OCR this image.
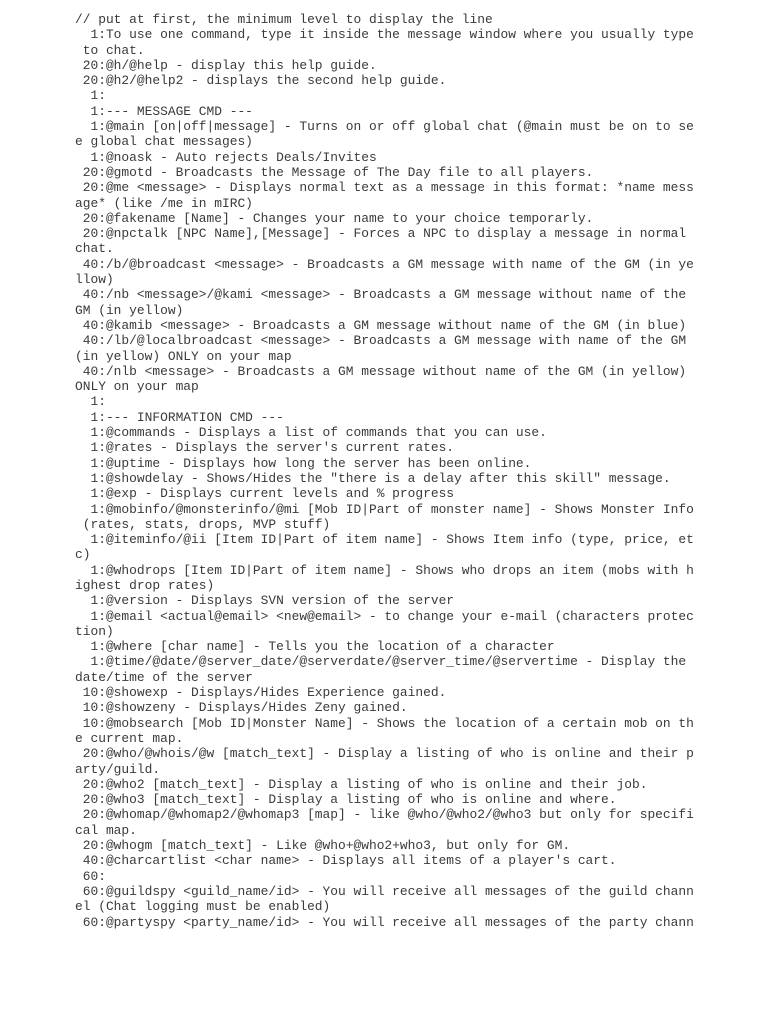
// put at first, the minimum level to display the line
1:To use one command, type it inside the message window where you usually type
to chat.
20:@h/@help - display this help guide.
20:@h2/@help2 - displays the second help guide.
1:
1:--- MESSAGE CMD ---
1:@main [on|off|message] - Turns on or off global chat (@main must be on to se
e global chat messages)
1:@noask - Auto rejects Deals/Invites
20:@gmotd - Broadcasts the Message of The Day file to all players.
20:@me <message> - Displays normal text as a message in this format: *name mess
age* (like /me in mIRC)
20:@fakename [Name] - Changes your name to your choice temporarly.
20:@npctalk [NPC Name],[Message] - Forces a NPC to display a message in normal
chat.
40:/b/@broadcast <message> - Broadcasts a GM message with name of the GM (in ye
llow)
40:/nb <message>/@kami <message> - Broadcasts a GM message without name of the
GM (in yellow)
40:@kamib <message> - Broadcasts a GM message without name of the GM (in blue)
40:/lb/@localbroadcast <message> - Broadcasts a GM message with name of the GM
(in yellow) ONLY on your map
40:/nlb <message> - Broadcasts a GM message without name of the GM (in yellow)
ONLY on your map
1:
1:--- INFORMATION CMD ---
1:@commands - Displays a list of commands that you can use.
1:@rates - Displays the server's current rates.
1:@uptime - Displays how long the server has been online.
1:@showdelay - Shows/Hides the "there is a delay after this skill" message.
1:@exp - Displays current levels and % progress
1:@mobinfo/@monsterinfo/@mi [Mob ID|Part of monster name] - Shows Monster Info
(rates, stats, drops, MVP stuff)
1:@iteminfo/@ii [Item ID|Part of item name] - Shows Item info (type, price, et
c)
1:@whodrops [Item ID|Part of item name] - Shows who drops an item (mobs with h
ighest drop rates)
1:@version - Displays SVN version of the server
1:@email <actual@email> <new@email> - to change your e-mail (characters protec
tion)
1:@where [char name] - Tells you the location of a character
1:@time/@date/@server_date/@serverdate/@server_time/@servertime - Display the
date/time of the server
10:@showexp - Displays/Hides Experience gained.
10:@showzeny - Displays/Hides Zeny gained.
10:@mobsearch [Mob ID|Monster Name] - Shows the location of a certain mob on th
e current map.
20:@who/@whois/@w [match_text] - Display a listing of who is online and their p
arty/guild.
20:@who2 [match_text] - Display a listing of who is online and their job.
20:@who3 [match_text] - Display a listing of who is online and where.
20:@whomap/@whomap2/@whomap3 [map] - like @who/@who2/@who3 but only for specifi
cal map.
20:@whogm [match_text] - Like @who+@who2+who3, but only for GM.
40:@charcartlist <char name> - Displays all items of a player's cart.
60:
60:@guildspy <guild_name/id> - You will receive all messages of the guild chann
el (Chat logging must be enabled)
60:@partyspy <party_name/id> - You will receive all messages of the party chann
